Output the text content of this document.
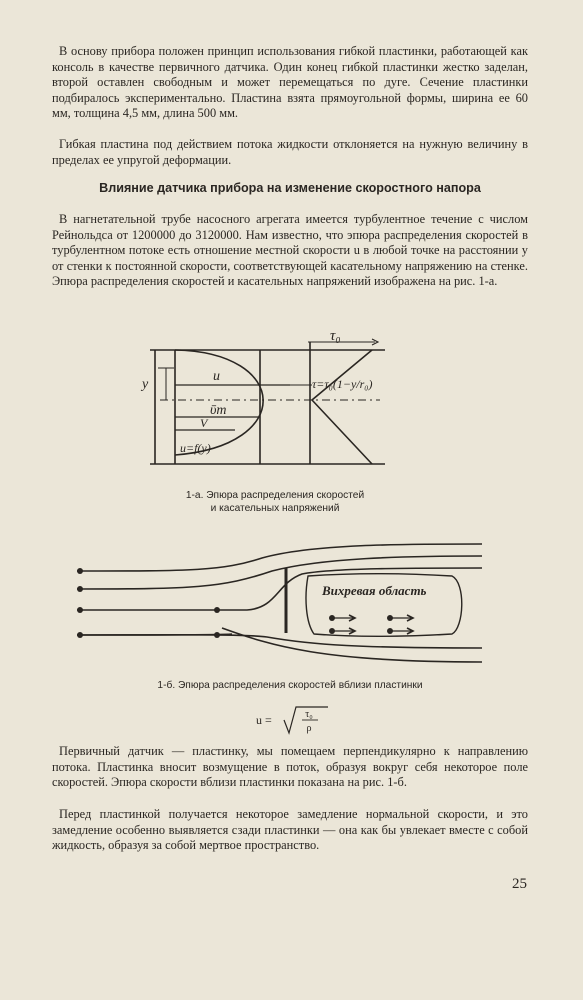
В основу прибора положен принцип использования гибкой пластинки, работающей как консоль в качестве первичного датчика. Один конец гибкой пластинки жестко заделан, второй оставлен свободным и может перемещаться по дуге. Сечение пластинки подбиралось экспериментально. Пластина взята прямоугольной формы, ширина ее 60 мм, толщина 4,5 мм, длина 500 мм.

Гибкая пластина под действием потока жидкости отклоняется на нужную величину в пределах ее упругой деформации.

Влияние датчика прибора на изменение скоростного напора

В нагнетательной трубе насосного агрегата имеется турбулентное течение с числом Рейнольдса от 1200000 до 3120000. Нам известно, что эпюра распределения скоростей в турбулентном потоке есть отношение местной скорости u в любой точке на расстоянии y от стенки к постоянной скорости, соответствующей касательному напряжению на стенке. Эпюра распределения скоростей и касательных напряжений изображена на рис. 1-а.

τ₀
y
u	τ=τ₀(1−y/r₀)
ῡm
V
u=f(y)

1-а. Эпюра распределения скоростей
и касательных напряжений

Вихревая область

1-б. Эпюра распределения скоростей вблизи пластинки

u =	τ₀
ρ

Первичный датчик — пластинку, мы помещаем перпендикулярно к направлению потока. Пластинка вносит возмущение в поток, образуя вокруг себя некоторое поле скоростей. Эпюра скорости вблизи пластинки показана на рис. 1-б.

Перед пластинкой получается некоторое замедление нормальной скорости, и это замедление особенно выявляется сзади пластинки — она как бы увлекает вместе с собой жидкость, образуя за собой мертвое пространство.

25
